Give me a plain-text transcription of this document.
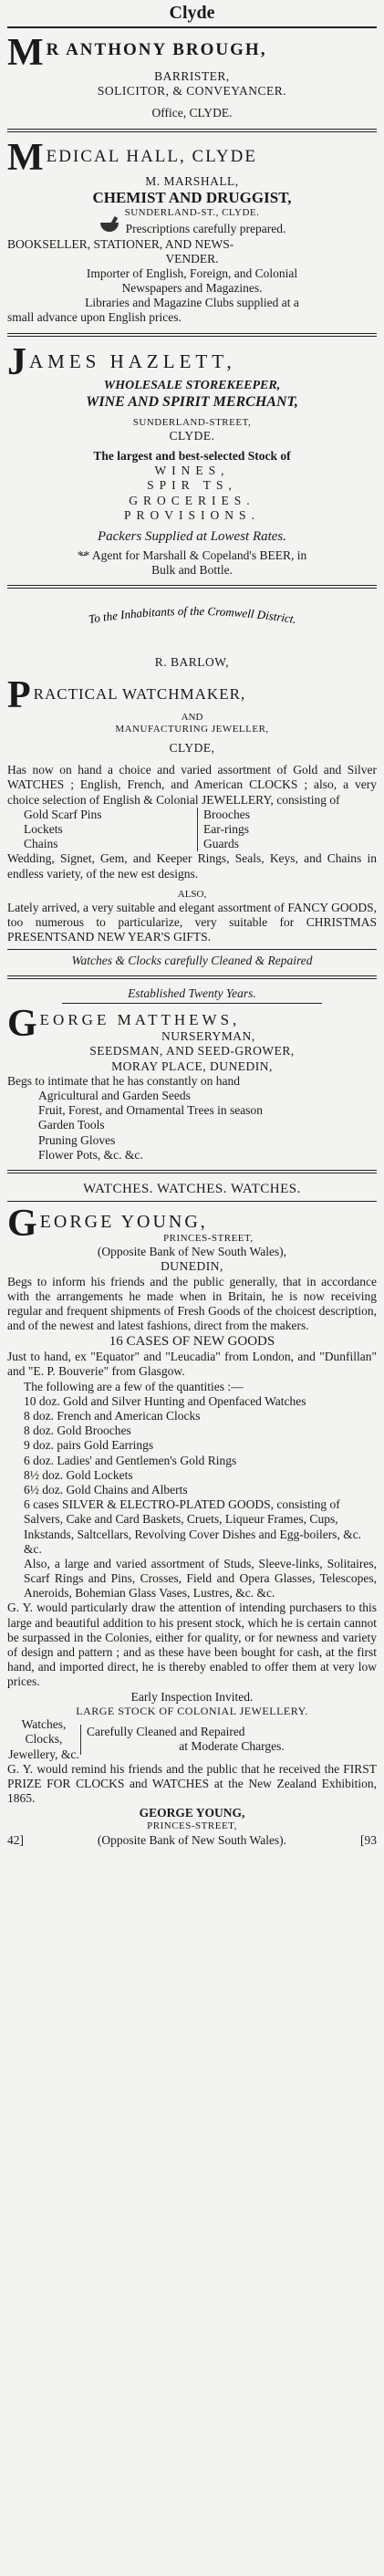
Clyde
M R ANTHONY BROUGH,
BARRISTER,
SOLICITOR, & CONVEYANCER.
Office, CLYDE.
M EDICAL HALL, CLYDE
M. MARSHALL,
CHEMIST AND DRUGGIST,
SUNDERLAND-ST., CLYDE.
Prescriptions carefully prepared.
BOOKSELLER, STATIONER, AND NEWS-
VENDER.
Importer of English, Foreign, and Colonial
Newspapers and Magazines.
Libraries and Magazine Clubs supplied at a
small advance upon English prices.
J AMES HAZLETT,
WHOLESALE STOREKEEPER,
WINE AND SPIRIT MERCHANT,
SUNDERLAND-STREET,
CLYDE.
The largest and best-selected Stock of
WINES,
SPIR TS,
GROCERIES.
PROVISIONS.
Packers Supplied at Lowest Rates.
*̶* Agent for Marshall & Copeland's BEER, in
Bulk and Bottle.
To the Inhabitants of the Cromwell District.
R. BARLOW,
P RACTICAL WATCHMAKER,
AND
MANUFACTURING JEWELLER,
CLYDE,
Has now on hand a choice and varied assortment of Gold and Silver WATCHES ; English, French, and American CLOCKS ; also, a very choice selection of English & Colonial JEWELLERY, consisting of
Gold Scarf Pins
Lockets
Chains
Brooches
Ear-rings
Guards
Wedding, Signet, Gem, and Keeper Rings, Seals, Keys, and Chains in endless variety, of the new est designs.
ALSO,
Lately arrived, a very suitable and elegant assortment of FANCY GOODS, too numerous to particularize, very suitable for CHRISTMAS PRESENTSAND NEW YEAR'S GIFTS.
Watches & Clocks carefully Cleaned & Repaired
Established Twenty Years.
G EORGE MATTHEWS,
NURSERYMAN,
SEEDSMAN, AND SEED-GROWER,
MORAY PLACE, DUNEDIN,
Begs to intimate that he has constantly on hand
Agricultural and Garden Seeds
Fruit, Forest, and Ornamental Trees in season
Garden Tools
Pruning Gloves
Flower Pots, &c. &c.
WATCHES. WATCHES. WATCHES.
G EORGE YOUNG,
PRINCES-STREET,
(Opposite Bank of New South Wales),
DUNEDIN,
Begs to inform his friends and the public generally, that in accordance with the arrangements he made when in Britain, he is now receiving regular and frequent shipments of Fresh Goods of the choicest description, and of the newest and latest fashions, direct from the makers.
16 CASES OF NEW GOODS
Just to hand, ex "Equator" and "Leucadia" from London, and "Dunfillan" and "E. P. Bouverie" from Glasgow.
The following are a few of the quantities :—
10 doz. Gold and Silver Hunting and Openfaced Watches
8 doz. French and American Clocks
8 doz. Gold Brooches
9 doz. pairs Gold Earrings
6 doz. Ladies' and Gentlemen's Gold Rings
8½ doz. Gold Lockets
6½ doz. Gold Chains and Alberts
6 cases SILVER & ELECTRO-PLATED GOODS, consisting of Salvers, Cake and Card Baskets, Cruets, Liqueur Frames, Cups, Inkstands, Saltcellars, Revolving Cover Dishes and Egg-boilers, &c. &c.
Also, a large and varied assortment of Studs, Sleeve-links, Solitaires, Scarf Rings and Pins, Crosses, Field and Opera Glasses, Telescopes, Aneroids, Bohemian Glass Vases, Lustres, &c. &c.
G. Y. would particularly draw the attention of intending purchasers to this large and beautiful addition to his present stock, which he is certain cannot be surpassed in the Colonies, either for quality, or for newness and variety of design and pattern ; and as these have been bought for cash, at the first hand, and imported direct, he is thereby enabled to offer them at very low prices.
Early Inspection Invited.
LARGE STOCK OF COLONIAL JEWELLERY.
Watches,
Clocks,
Jewellery, &c.
Carefully Cleaned and Repaired
at Moderate Charges.
G. Y. would remind his friends and the public that he received the FIRST PRIZE FOR CLOCKS and WATCHES at the New Zealand Exhibition, 1865.
GEORGE YOUNG,
PRINCES-STREET,
42]	(Opposite Bank of New South Wales).	[93
